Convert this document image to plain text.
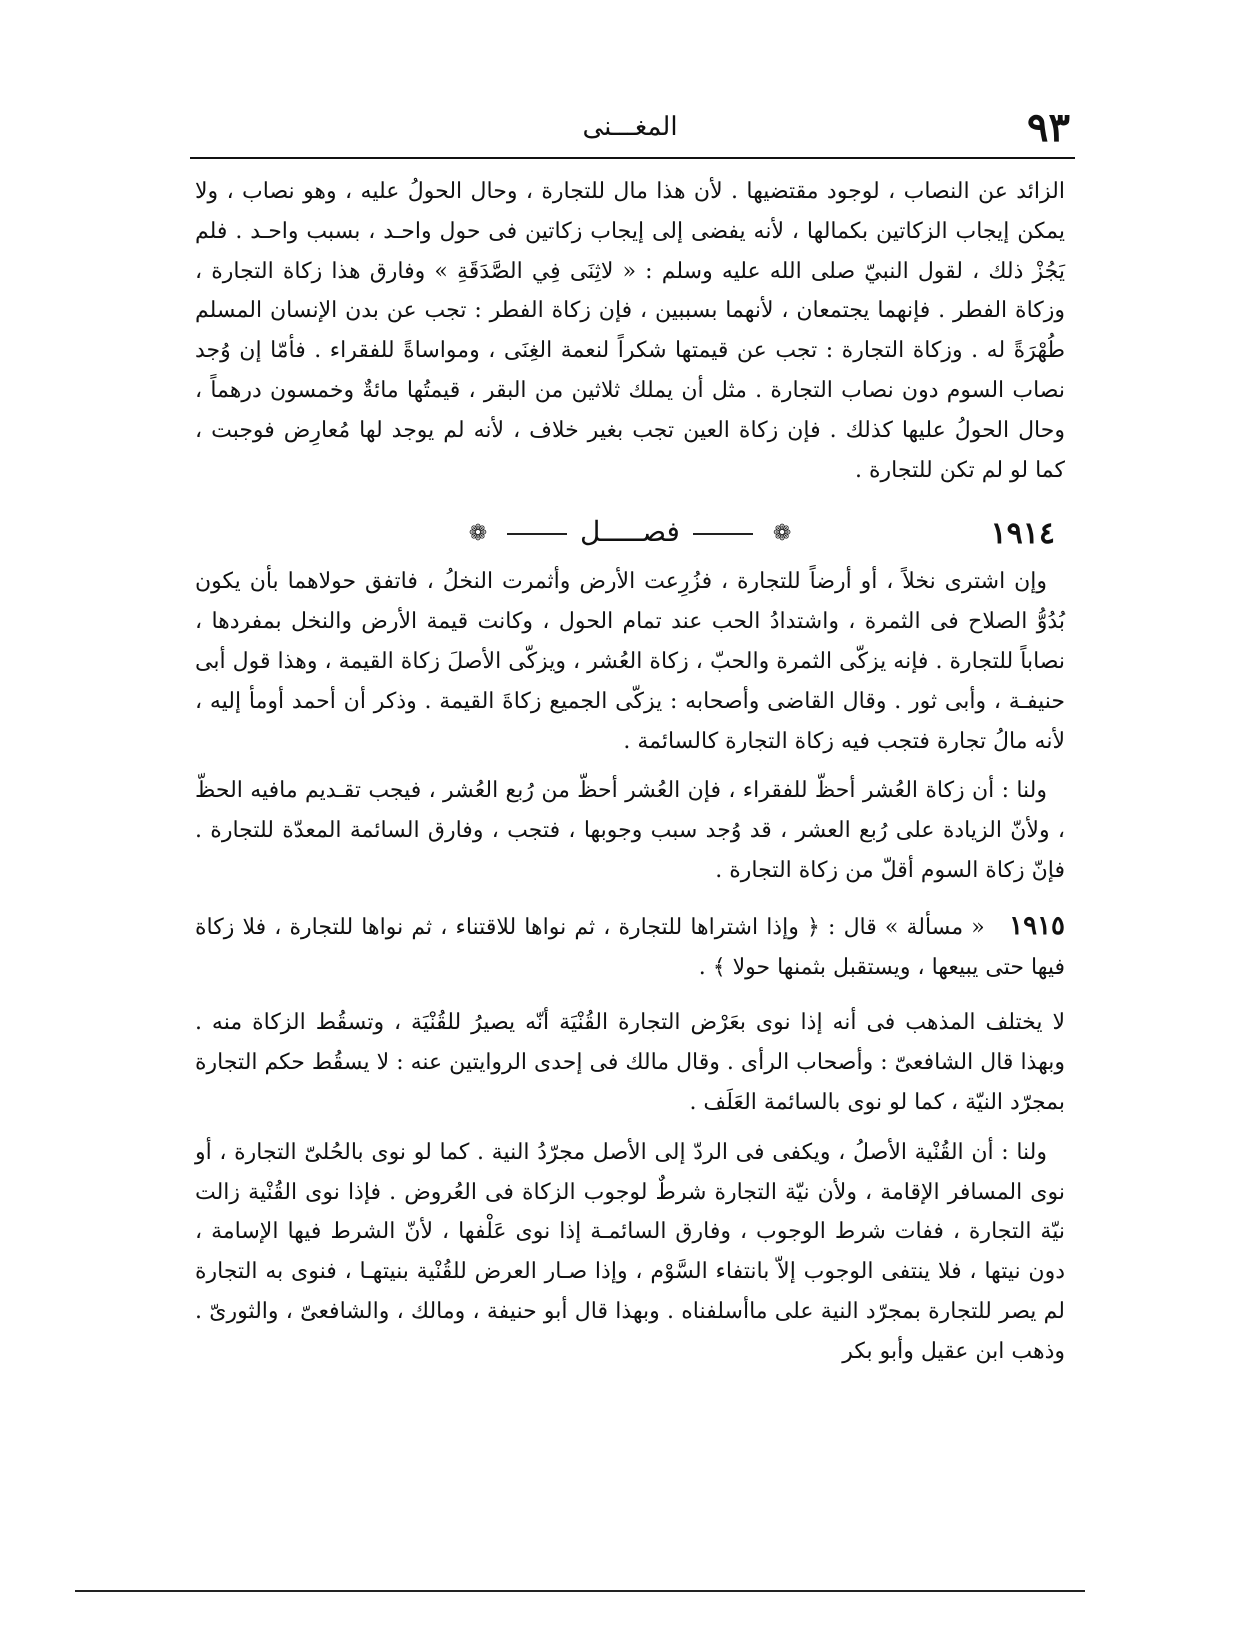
٩٣
المغـــنى

الزائد عن النصاب ، لوجود مقتضيها . لأن هذا مال للتجارة ، وحال الحولُ عليه ، وهو نصاب ، ولا يمكن إيجاب الزكاتين بكمالها ، لأنه يفضى إلى إيجاب زكاتين فى حول واحـد ، بسبب واحـد . فلم يَجُزْ ذلك ، لقول النبيّ صلى الله عليه وسلم : « لاثِنَى فِي الصَّدَقَةِ » وفارق هذا زكاة التجارة ، وزكاة الفطر . فإنهما يجتمعان ، لأنهما بسببين ، فإن زكاة الفطر : تجب عن بدن الإنسان المسلم طُهْرَةً له . وزكاة التجارة : تجب عن قيمتها شكراً لنعمة الغِنَى ، ومواساةً للفقراء . فأمّا إن وُجد نصاب السوم دون نصاب التجارة . مثل أن يملك ثلاثين من البقر ، قيمتُها مائةٌ وخمسون درهماً ، وحال الحولُ عليها كذلك . فإن زكاة العين تجب بغير خلاف ، لأنه لم يوجد لها مُعارِض فوجبت ، كما لو لم تكن للتجارة .

١٩١٤
❁ فصـــــل ❁

وإن اشترى نخلاً ، أو أرضاً للتجارة ، فزُرِعت الأرض وأثمرت النخلُ ، فاتفق حولاهما بأن يكون بُدُوُّ الصلاح فى الثمرة ، واشتدادُ الحب عند تمام الحول ، وكانت قيمة الأرض والنخل بمفردها ، نصاباً للتجارة . فإنه يزكّى الثمرة والحبّ ، زكاة العُشر ، ويزكّى الأصلَ زكاة القيمة ، وهذا قول أبى حنيفـة ، وأبى ثور . وقال القاضى وأصحابه : يزكّى الجميع زكاةَ القيمة . وذكر أن أحمد أومأ إليه ، لأنه مالُ تجارة فتجب فيه زكاة التجارة كالسائمة .

ولنا : أن زكاة العُشر أحظّ للفقراء ، فإن العُشر أحظّ من رُبع العُشر ، فيجب تقـديم مافيه الحظّ ، ولأنّ الزيادة على رُبع العشر ، قد وُجد سبب وجوبها ، فتجب ، وفارق السائمة المعدّة للتجارة . فإنّ زكاة السوم أقلّ من زكاة التجارة .

١٩١٥   « مسألة » قال : ﴿ وإذا اشتراها للتجارة ، ثم نواها للاقتناء ، ثم نواها للتجارة ، فلا زكاة فيها حتى يبيعها ، ويستقبل بثمنها حولا ﴾ .

لا يختلف المذهب فى أنه إذا نوى بعَرْض التجارة القُنْيَة أنّه يصيرُ للقُنْيَة ، وتسقُط الزكاة منه . وبهذا قال الشافعىّ : وأصحاب الرأى . وقال مالك فى إحدى الروايتين عنه : لا يسقُط حكم التجارة بمجرّد النيّة ، كما لو نوى بالسائمة العَلَف .

ولنا : أن القُنْية الأصلُ ، ويكفى فى الردّ إلى الأصل مجرّدُ النية . كما لو نوى بالحُلىّ التجارة ، أو نوى المسافر الإقامة ، ولأن نيّة التجارة شرطٌ لوجوب الزكاة فى العُروض . فإذا نوى القُنْية زالت نيّة التجارة ، ففات شرط الوجوب ، وفارق السائمـة إذا نوى عَلْفها ، لأنّ الشرط فيها الإسامة ، دون نيتها ، فلا ينتفى الوجوب إلاّ بانتفاء السَّوْم ، وإذا صـار العرض للقُنْية بنيتهـا ، فنوى به التجارة لم يصر للتجارة بمجرّد النية على ماأسلفناه . وبهذا قال أبو حنيفة ، ومالك ، والشافعىّ ، والثورىّ . وذهب ابن عقيل وأبو بكر
